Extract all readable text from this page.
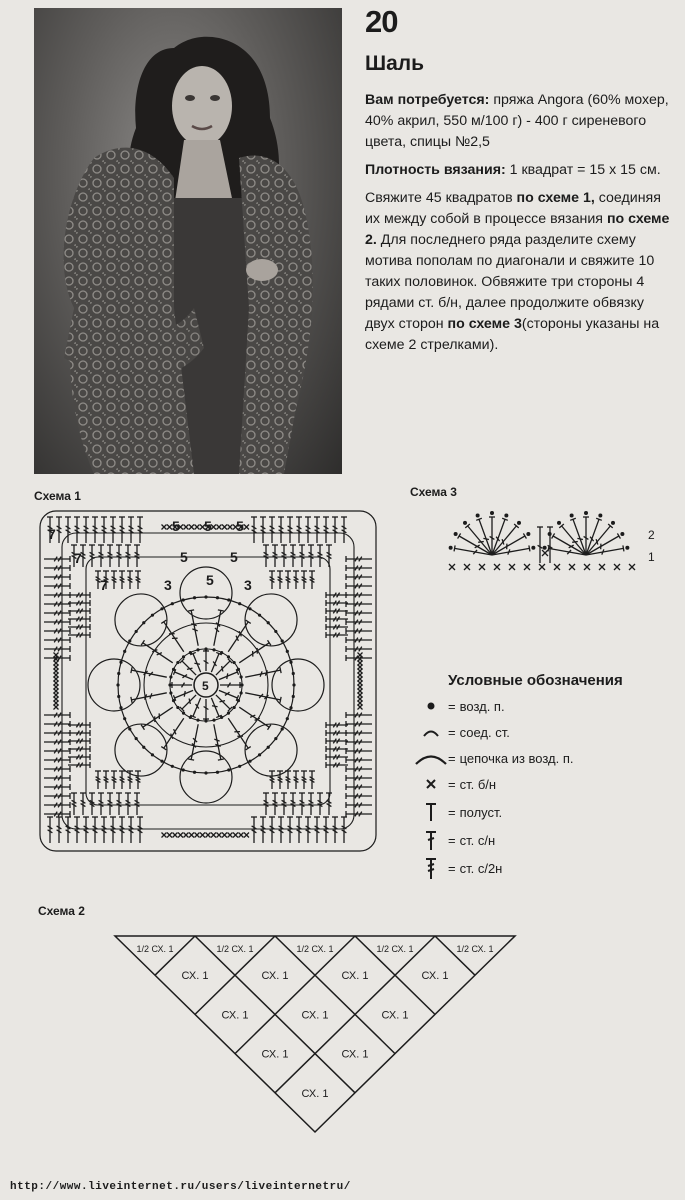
20
Шаль

Вам потребуется: пряжа Angora (60% мохер, 40% акрил, 550 м/100 г) - 400 г сиреневого цвета, спицы №2,5

Плотность вязания: 1 квадрат = 15 х 15 см.

Свяжите 45 квадратов по схеме 1, соединяя их между собой в процессе вязания по схеме 2. Для последнего ряда разделите схему мотива пополам по диагонали и свяжите 10 таких половинок. Обвяжите три стороны 4 рядами ст. б/н, далее продолжите обвязку двух сторон по схеме 3(стороны указаны на схеме 2 стрелками).

Схема 1
7	5 5 5
7	5	5
7	3 5 3
5
Схема 3
2
1
Условные обозначения
= возд. п.
= соед. ст.
= цепочка из возд. п.
= ст. б/н
= полуст.
= ст. с/н
= ст. с/2н
Схема 2
1/2 СХ. 1	1/2 СХ. 1	1/2 СХ. 1	1/2 СХ. 1	1/2 СХ. 1
СХ. 1	СХ. 1	СХ. 1	СХ. 1
СХ. 1	СХ. 1	СХ. 1
СХ. 1	СХ. 1
СХ. 1
http://www.liveinternet.ru/users/liveinternetru/
